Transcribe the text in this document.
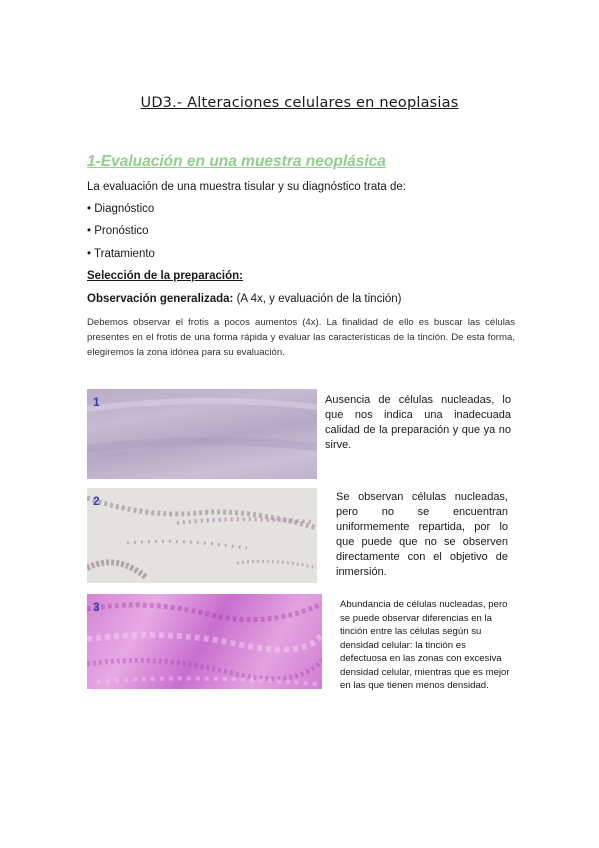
UD3.- Alteraciones celulares en neoplasias
1-Evaluación en una muestra neoplásica
La evaluación de una muestra tisular y su diagnóstico trata de:
• Diagnóstico
• Pronóstico
• Tratamiento
Selección de la preparación:
Observación generalizada: (A 4x, y evaluación de la tinción)
Debemos observar el frotis a pocos aumentos (4x). La finalidad de ello es buscar las células presentes en el frotis de una forma rápida y evaluar las características de la tinción. De esta forma, elegiremos la zona idónea para su evaluación.
1	Ausencia de células nucleadas, lo que nos indica una inadecuada calidad de la preparación y que ya no sirve.
2	Se observan células nucleadas, pero no se encuentran uniformemente repartida, por lo que puede que no se observen directamente con el objetivo de inmersión.
3	Abundancia de células nucleadas, pero se puede observar diferencias en la tinción entre las células según su densidad celular: la tinción es defectuosa en las zonas con excesiva densidad celular, mientras que es mejor en las que tienen menos densidad.
